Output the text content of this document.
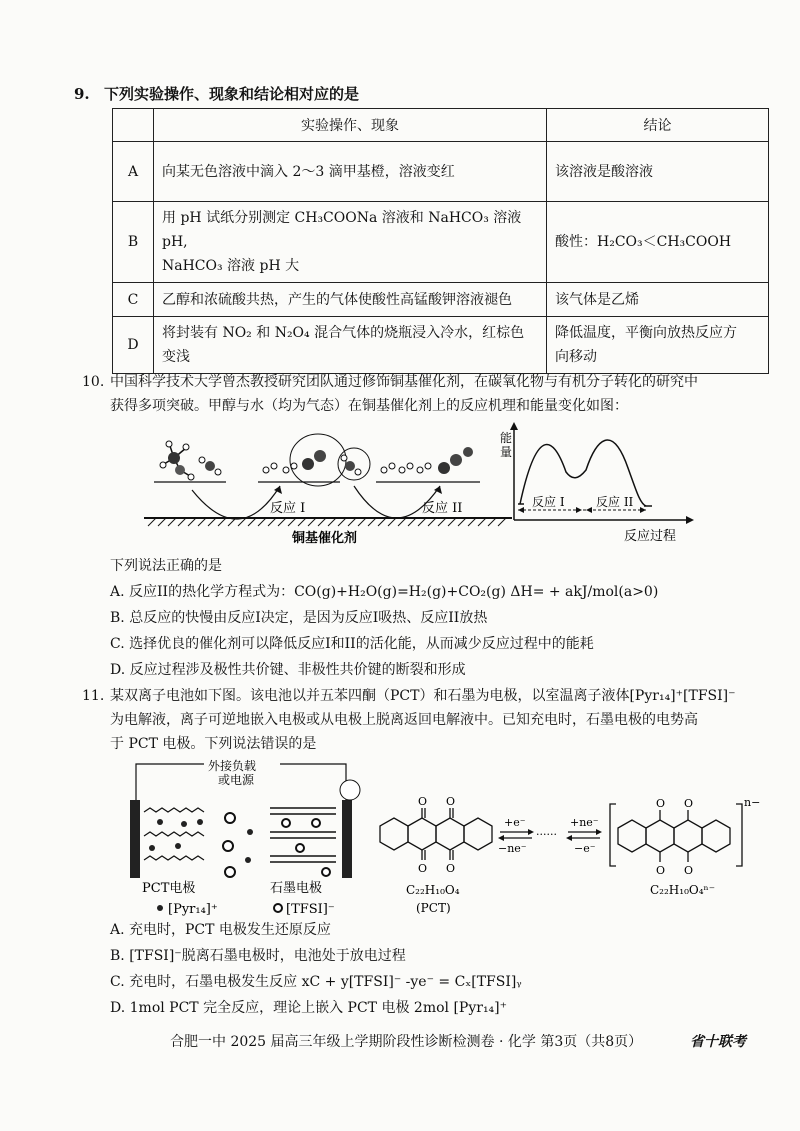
9. 下列实验操作、现象和结论相对应的是
	实验操作、现象	结论
A	向某无色溶液中滴入 2～3 滴甲基橙，溶液变红	该溶液是酸溶液

B	用 pH 试纸分别测定 CH₃COONa 溶液和 NaHCO₃ 溶液 pH,
NaHCO₃ 溶液 pH 大	酸性：H₂CO₃＜CH₃COOH
C	乙醇和浓硫酸共热，产生的气体使酸性高锰酸钾溶液褪色	该气体是乙烯
D	将封装有 NO₂ 和 N₂O₄ 混合气体的烧瓶浸入冷水，红棕色
变浅	降低温度，平衡向放热反应方
向移动
10. 中国科学技术大学曾杰教授研究团队通过修饰铜基催化剂，在碳氧化物与有机分子转化的研究中
获得多项突破。甲醇与水（均为气态）在铜基催化剂上的反应机理和能量变化如图：
反应 I	反应 II
铜基催化剂
能
量
反应 I	反应 II
反应过程
下列说法正确的是
A. 反应II的热化学方程式为：CO(g)+H₂O(g)=H₂(g)+CO₂(g) ΔH= + akJ/mol(a>0)
B. 总反应的快慢由反应I决定，是因为反应I吸热、反应II放热
C. 选择优良的催化剂可以降低反应I和II的活化能，从而减少反应过程中的能耗
D. 反应过程涉及极性共价键、非极性共价键的断裂和形成
11. 某双离子电池如下图。该电池以并五苯四酮（PCT）和石墨为电极，以室温离子液体[Pyr₁₄]⁺[TFSI]⁻
为电解液，离子可逆地嵌入电极或从电极上脱离返回电解液中。已知充电时，石墨电极的电势高
于 PCT 电极。下列说法错误的是
外接负载
或电源
PCT电极	石墨电极
[Pyr₁₄]⁺	[TFSI]⁻
O O
O O
C₂₂H₁₀O₄
(PCT)
+e⁻
−ne⁻
······
+ne⁻
−e⁻
O O
O O
n−
C₂₂H₁₀O₄ⁿ⁻
A. 充电时，PCT 电极发生还原反应
B. [TFSI]⁻脱离石墨电极时，电池处于放电过程
C. 充电时，石墨电极发生反应 xC + y[TFSI]⁻ -ye⁻ = Cₓ[TFSI]ᵧ
D. 1mol PCT 完全反应，理论上嵌入 PCT 电极 2mol [Pyr₁₄]⁺
合肥一中 2025 届高三年级上学期阶段性诊断检测卷 · 化学 第3页（共8页）	省十联考
